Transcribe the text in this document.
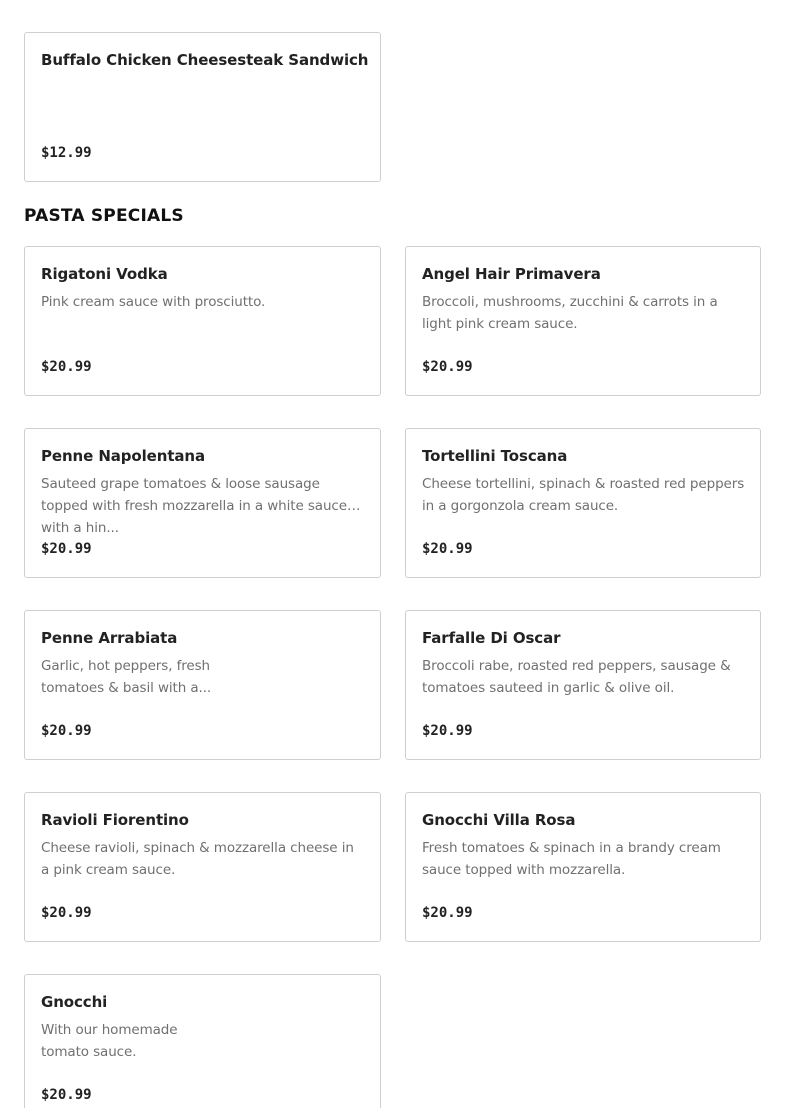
Buffalo Chicken Cheesesteak Sandwich
$12.99
PASTA SPECIALS
Rigatoni Vodka
Pink cream sauce with prosciutto.
$20.99
Angel Hair Primavera
Broccoli, mushrooms, zucchini & carrots in a light pink cream sauce.
$20.99
Penne Napolentana
Sauteed grape tomatoes & loose sausage topped with fresh mozzarella in a white sauce with a hin...
$20.99
Tortellini Toscana
Cheese tortellini, spinach & roasted red peppers in a gorgonzola cream sauce.
$20.99
Penne Arrabiata
Garlic, hot peppers, fresh
tomatoes & basil with a...
$20.99
Farfalle Di Oscar
Broccoli rabe, roasted red peppers, sausage & tomatoes sauteed in garlic & olive oil.
$20.99
Ravioli Fiorentino
Cheese ravioli, spinach & mozzarella cheese in a pink cream sauce.
$20.99
Gnocchi Villa Rosa
Fresh tomatoes & spinach in a brandy cream sauce topped with mozzarella.
$20.99
Gnocchi
With our homemade
tomato sauce.
$20.99
